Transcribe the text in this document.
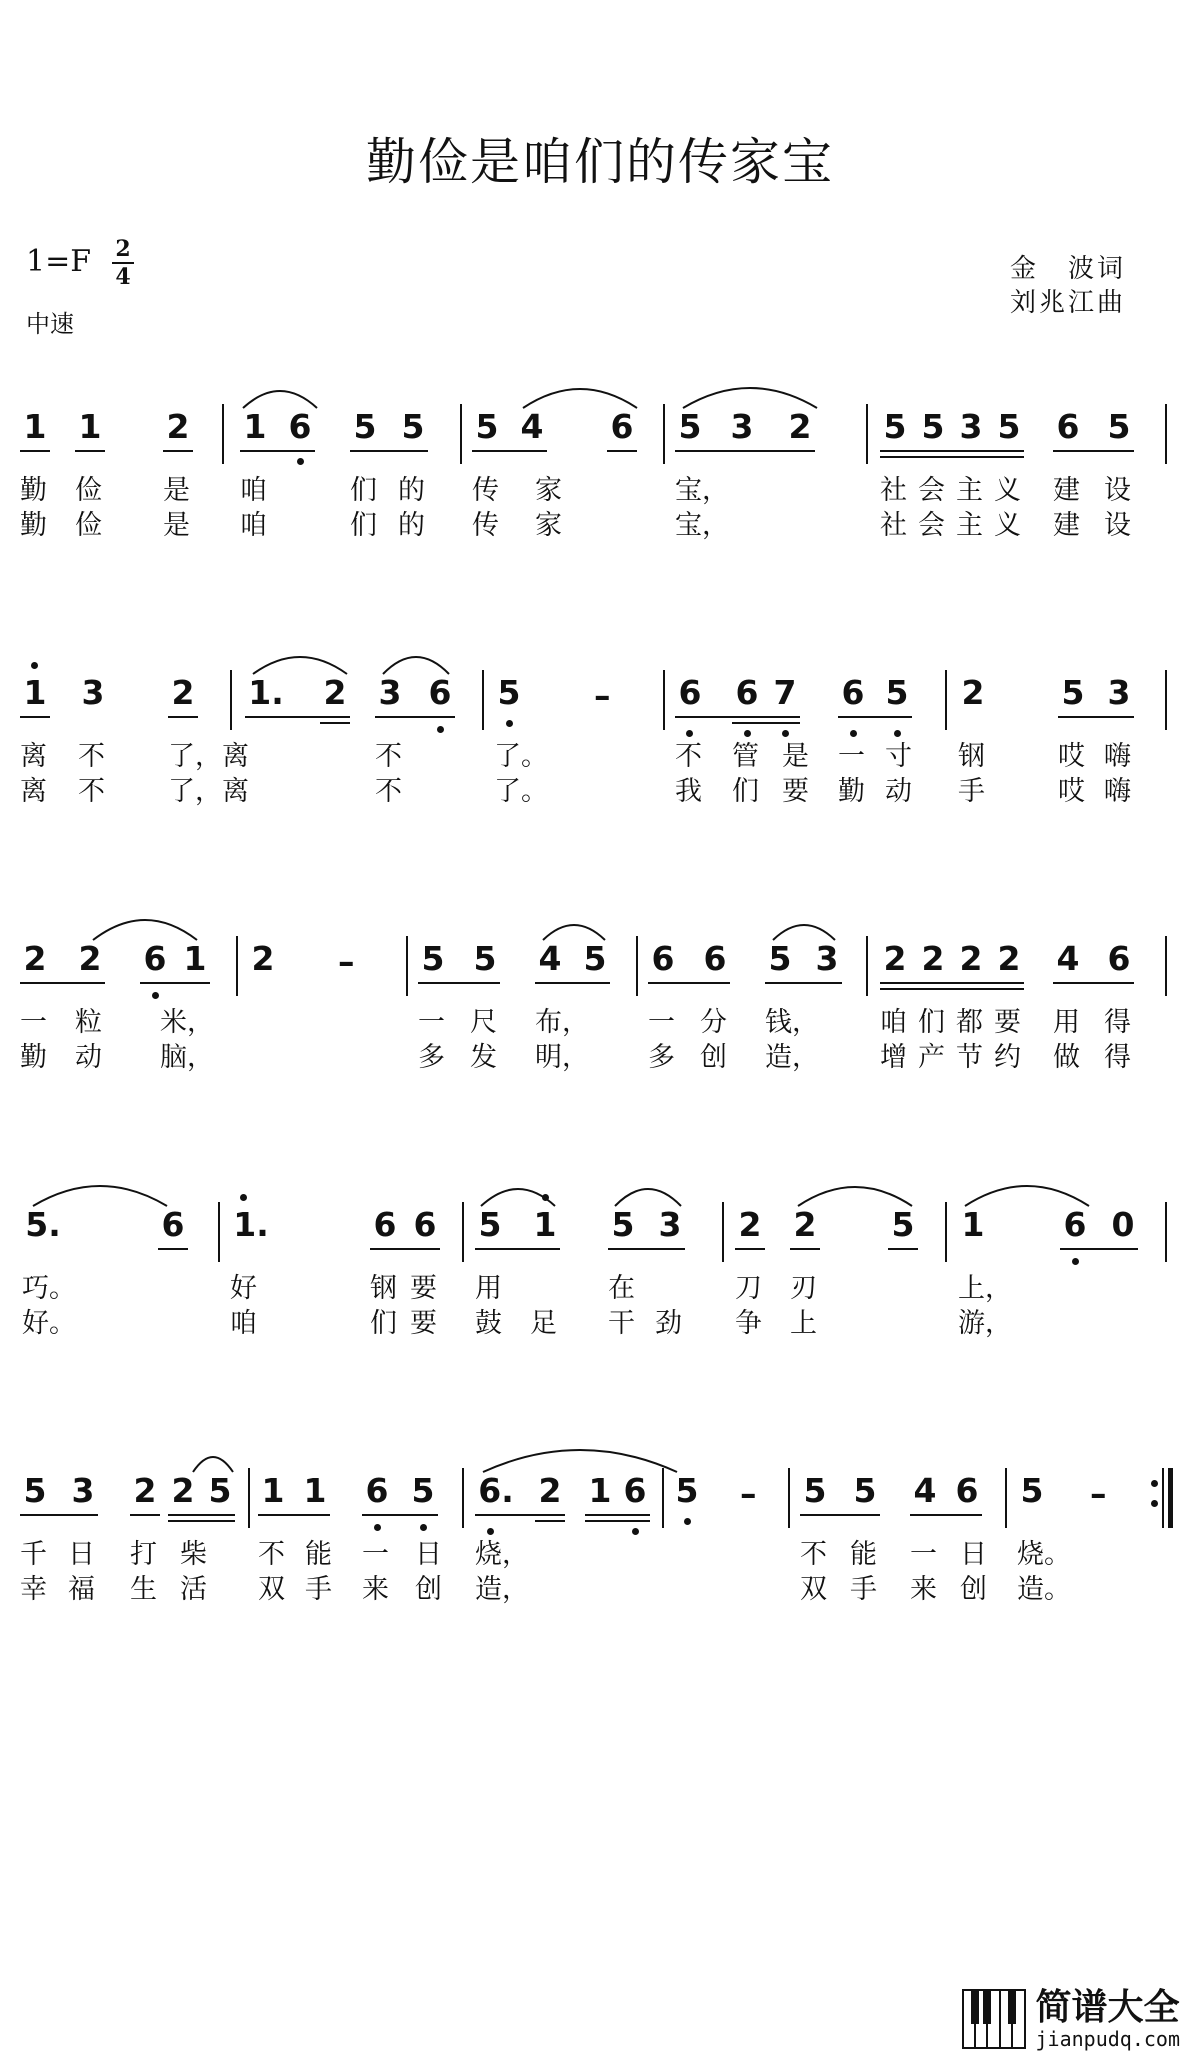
勤俭是咱们的传家宝
1=F 2
4
中速
金　波词
刘兆江曲
1 1 2 1 6 5 5 5 4 6 5 3 2 5 5 3 5 6 5
勤 俭 是 咱	们 的 传 家	宝，	社 会 主 义 建 设
勤 俭 是 咱	们 的 传 家	宝，	社 会 主 义 建 设
1 3 2 1. 2 3 6 5 – 6 6 7 6 5 2 5 3
离 不 了，离	不	了。	不 管 是 一 寸 钢	哎 嗨
离 不 了，离	不	了。	我 们 要 勤 动 手	哎 嗨
2 2 6 1 2 – 5 5 4 5 6 6 5 3 2 2 2 2 4 6
一 粒 米，	一 尺 布， 一 分 钱， 咱 们 都 要 用 得
勤 动 脑，	多 发 明， 多 创 造， 增 产 节 约 做 得
5.	6 1.	6 6 5 1 5 3 2 2 5 1 6 0
巧。	好	钢 要 用	在	刀 刃	上，
好。	咱	们 要 鼓 足 干 劲 争 上	游，
5 3 2 2 5 1 1 6 5 6. 2 1 6 5 – 5 5 4 6 5 –
千 日 打 柴 不 能 一 日 烧，	不 能 一 日 烧。
幸 福 生 活 双 手 来 创 造，	双 手 来 创 造。
简谱大全
jianpudq.com
